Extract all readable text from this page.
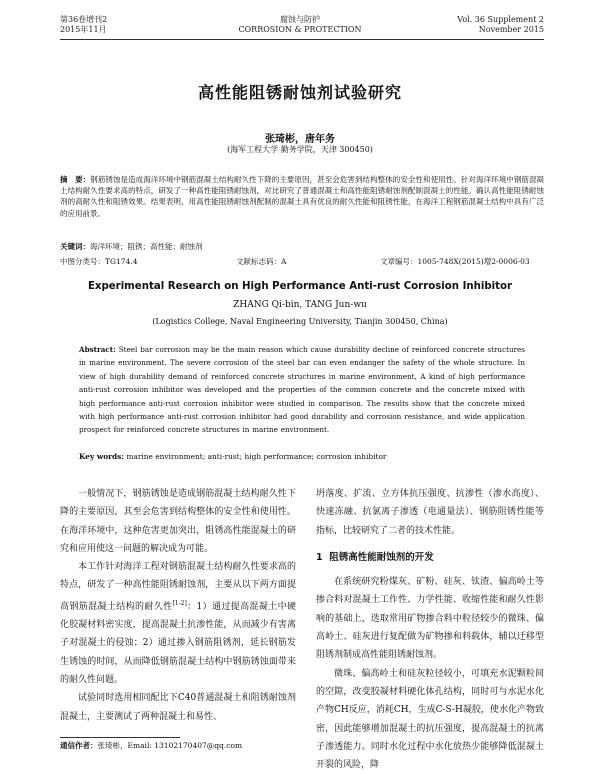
第36卷增刊2
2015年11月
腐蚀与防护
CORROSION & PROTECTION
Vol. 36 Supplement 2
November 2015
高性能阻锈耐蚀剂试验研究
张琦彬，唐年务
(海军工程大学 勤务学院，天津 300450)
摘　要：钢筋锈蚀是造成海洋环境中钢筋混凝土结构耐久性下降的主要原因，甚至会危害到结构整体的安全性和使用性。针对海洋环境中钢筋混凝土结构耐久性要求高的特点，研发了一种高性能阻锈耐蚀剂，对比研究了普通混凝土和高性能阻锈耐蚀剂配制混凝土的性能。确认高性能阻锈耐蚀剂的高耐久性和阻锈效果。结果表明，用高性能阻锈耐蚀剂配制的混凝土具有优良的耐久性能和阻锈性能，在海洋工程钢筋混凝土结构中具有广泛的应用前景。
关键词：海洋环境；阻锈；高性能；耐蚀剂
中图分类号：TG174.4	文献标志码：A	文章编号：1005-748X(2015)增2-0006-03
Experimental Research on High Performance Anti-rust Corrosion Inhibitor
ZHANG Qi-bin, TANG Jun-wu
(Logistics College, Naval Engineering University, Tianjin 300450, China)
Abstract: Steel bar corrosion may be the main reason which cause durability decline of reinforced concrete structures in marine environment. The severe corrosion of the steel bar can even endanger the safety of the whole structure. In view of high durability demand of reinforced concrete structures in marine environment, A kind of high performance anti-rust corrosion inhibitor was developed and the properties of the common concrete and the concrete mixed with high performance anti-rust corrosion inhibitor were studied in comparison. The results show that the concrete mixed with high performance anti-rust corrosion inhibitor had good durability and corrosion resistance, and wide application prospect for reinforced concrete structures in marine environment.
Key words: marine environment; anti-rust; high performance; corrosion inhibitor

一般情况下，钢筋锈蚀是造成钢筋混凝土结构耐久性下降的主要原因，其至会危害到结构整体的安全性和使用性。在海洋环境中，这种危害更加突出，阻锈高性能混凝土的研究和应用使这一问题的解决成为可能。

本工作针对海洋工程对钢筋混凝土结构耐久性要求高的特点，研发了一种高性能阻锈耐蚀剂，主要从以下两方面提高钢筋混凝土结构的耐久性[1-2]：1）通过提高混凝土中硬化胶凝材料密实度，提高混凝土抗渗性能，从而减少有害离子对混凝土的侵蚀；2）通过掺入钢筋阻锈剂，延长钢筋发生锈蚀的时间，从而降低钢筋混凝土结构中钢筋锈蚀面带来的耐久性问题。

试验同时选用相同配比下C40普通混凝土和阻锈耐蚀剂混凝土，主要测试了两种混凝土和易性、

坍落度、扩流、立方体抗压强度、抗渗性（渗水高度）、快速冻融、抗氯离子渗透（电通量法）、钢筋阻锈性能等指标，比较研究了二者的技术性能。
1 阻锈高性能耐蚀剂的开发

在系统研究粉煤灰、矿粉、硅灰、钛渣、偏高岭土等掺合料对混凝土工作性、力学性能、收缩性能和耐久性影响的基础上，选取常用矿物掺合料中粒径较少的微珠、偏高岭土、硅灰进行复配做为矿物掺和料载体，辅以迁移型阻锈剂制成高性能阻锈耐蚀剂。

微珠、偏高岭土和硅灰粒径较小，可填充水泥颗粒间的空隙，改变胶凝材料硬化体孔结构，同时可与水泥水化产物CH反应，消耗CH，生成C-S-H凝胶，使水化产物致密，因此能够增加混凝土的抗压强度，提高混凝土的抗离子渗透能力。同时水化过程中水化放热少能够降低混凝土开裂的风险，降

通信作者：张琦彬，Email: 13102170407@qq.com
